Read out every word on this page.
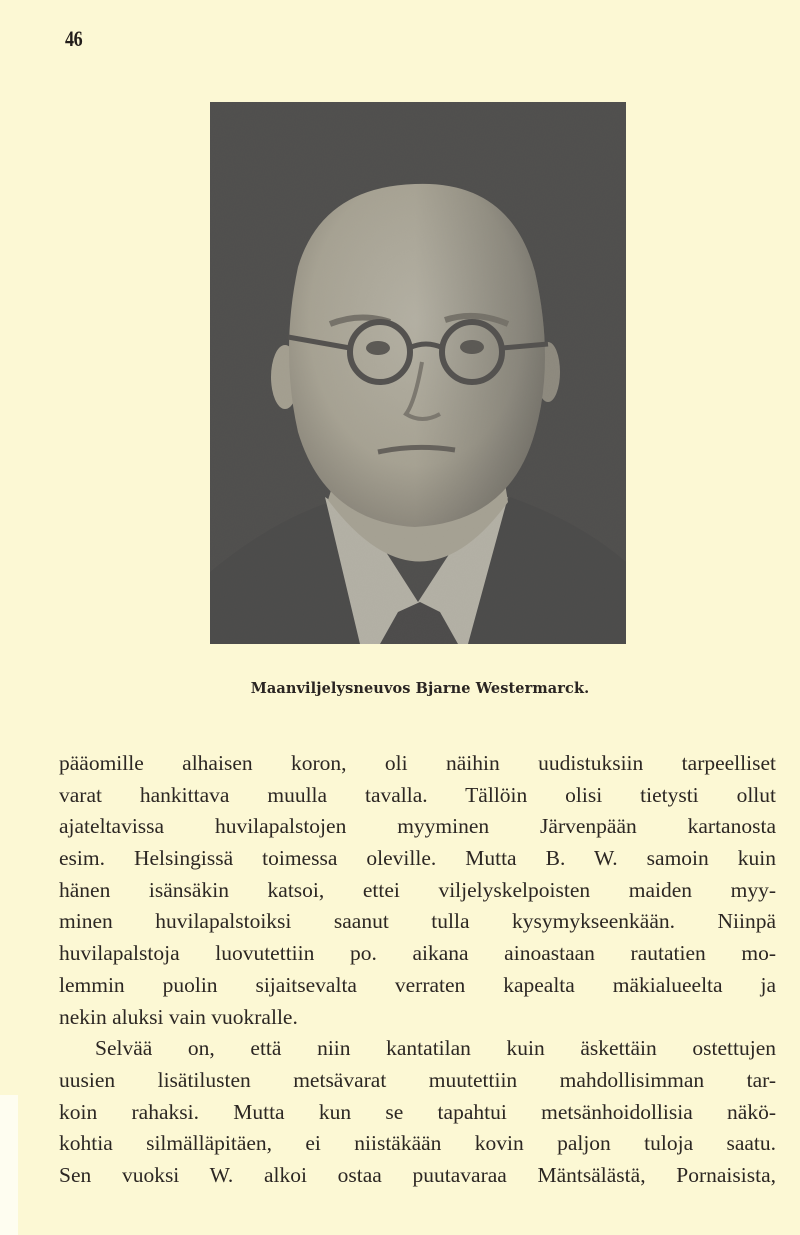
46
Maanviljelysneuvos Bjarne Westermarck.
pääomille alhaisen koron, oli näihin uudistuksiin tarpeelliset
varat hankittava muulla tavalla. Tällöin olisi tietysti ollut
ajateltavissa huvilapalstojen myyminen Järvenpään kartanosta
esim. Helsingissä toimessa oleville. Mutta B. W. samoin kuin
hänen isänsäkin katsoi, ettei viljelyskelpoisten maiden myy-
minen huvilapalstoiksi saanut tulla kysymykseenkään. Niinpä
huvilapalstoja luovutettiin po. aikana ainoastaan rautatien mo-
lemmin puolin sijaitsevalta verraten kapealta mäkialueelta ja
nekin aluksi vain vuokralle.
Selvää on, että niin kantatilan kuin äskettäin ostettujen
uusien lisätilusten metsävarat muutettiin mahdollisimman tar-
koin rahaksi. Mutta kun se tapahtui metsänhoidollisia näkö-
kohtia silmälläpitäen, ei niistäkään kovin paljon tuloja saatu.
Sen vuoksi W. alkoi ostaa puutavaraa Mäntsälästä, Pornaisista,
